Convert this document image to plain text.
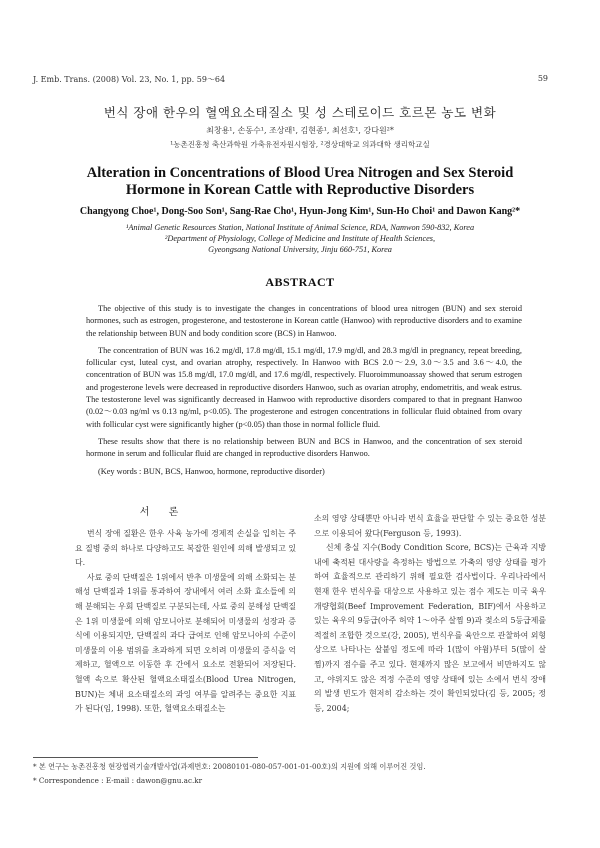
J. Emb. Trans. (2008) Vol. 23, No. 1, pp. 59～64	59
번식 장애 한우의 혈액요소태질소 및 성 스테로이드 호르몬 농도 변화
최창용¹, 손동수¹, 조상래¹, 김현종¹, 최선호¹, 강다원²*
¹농촌진흥청 축산과학원 가축유전자원시험장, ²경상대학교 의과대학 생리학교실
Alteration in Concentrations of Blood Urea Nitrogen and Sex Steroid
Hormone in Korean Cattle with Reproductive Disorders
Changyong Choe¹, Dong-Soo Son¹, Sang-Rae Cho¹, Hyun-Jong Kim¹, Sun-Ho Choi¹ and Dawon Kang²*
¹Animal Genetic Resources Station, National Institute of Animal Science, RDA, Namwon 590-832, Korea
²Department of Physiology, College of Medicine and Institute of Health Sciences,
Gyeongsang National University, Jinju 660-751, Korea
ABSTRACT

The objective of this study is to investigate the changes in concentrations of blood urea nitrogen (BUN) and sex steroid hormones, such as estrogen, progesterone, and testosterone in Korean cattle (Hanwoo) with reproductive disorders and to examine the relationship between BUN and body condition score (BCS) in Hanwoo.

The concentration of BUN was 16.2 mg/dl, 17.8 mg/dl, 15.1 mg/dl, 17.9 mg/dl, and 28.3 mg/dl in pregnancy, repeat breeding, follicular cyst, luteal cyst, and ovarian atrophy, respectively. In Hanwoo with BCS 2.0～2.9, 3.0～3.5 and 3.6～4.0, the concentration of BUN was 15.8 mg/dl, 17.0 mg/dl, and 17.6 mg/dl, respectively. Fluoroimmunoassay showed that serum estrogen and progesterone levels were decreased in reproductive disorders Hanwoo, such as ovarian atrophy, endometritis, and weak estrus. The testosterone level was significantly decreased in Hanwoo with reproductive disorders compared to that in pregnant Hanwoo (0.02～0.03 ng/ml vs 0.13 ng/ml, p<0.05). The progesterone and estrogen concentrations in follicular fluid obtained from ovary with follicular cyst were significantly higher (p<0.05) than those in normal follicle fluid.

These results show that there is no relationship between BUN and BCS in Hanwoo, and the concentration of sex steroid hormone in serum and follicular fluid are changed in reproductive disorders Hanwoo.

(Key words : BUN, BCS, Hanwoo, hormone, reproductive disorder)

서 론

번식 장애 질환은 한우 사육 농가에 경제적 손실을 입히는 주요 질병 중의 하나로 다양하고도 복잡한 원인에 의해 발생되고 있다.

사료 중의 단백질은 1위에서 반추 미생물에 의해 소화되는 분해성 단백질과 1위를 통과하여 장내에서 여러 소화 효소들에 의해 분해되는 우회 단백질로 구분되는데, 사료 중의 분해성 단백질은 1위 미생물에 의해 암모니아로 분해되어 미생물의 성장과 증식에 이용되지만, 단백질의 과다 급여로 인해 암모니아의 수준이 미생물의 이용 범위를 초과하게 되면 오히려 미생물의 증식을 억제하고, 혈액으로 이동한 후 간에서 요소로 전환되어 저장된다. 혈액 속으로 확산된 혈액요소태질소(Blood Urea Nitrogen, BUN)는 체내 요소태질소의 과잉 여부를 알려주는 중요한 지표가 된다(임, 1998). 또한, 혈액요소태질소는

소의 영양 상태뿐만 아니라 번식 효율을 판단할 수 있는 중요한 성분으로 이용되어 왔다(Ferguson 등, 1993).

신체 충실 지수(Body Condition Score, BCS)는 근육과 지방 내에 축적된 대사량을 측정하는 방법으로 가축의 영양 상태를 평가하여 효율적으로 관리하기 위해 필요한 검사법이다. 우리나라에서 현재 한우 번식우를 대상으로 사용하고 있는 점수 제도는 미국 육우개량협회(Beef Improvement Federation, BIF)에서 사용하고 있는 육우의 9등급(아주 허약 1～아주 살찜 9)과 젖소의 5등급제를 적절히 조합한 것으로(강, 2005), 번식우를 육안으로 관찰하여 외형상으로 나타나는 살붙임 정도에 따라 1(많이 야윔)부터 5(많이 살찜)까지 점수를 주고 있다. 현재까지 많은 보고에서 비만하지도 않고, 야위지도 않은 적정 수준의 영양 상태에 있는 소에서 번식 장애의 발생 빈도가 현저히 감소하는 것이 확인되었다(김 등, 2005; 정 등, 2004;

* 본 연구는 농촌진흥청 현장협력기술개발사업(과제번호: 20080101-080-057-001-01-00호)의 지원에 의해 이루어진 것임.
* Correspondence : E-mail : dawon@gnu.ac.kr
